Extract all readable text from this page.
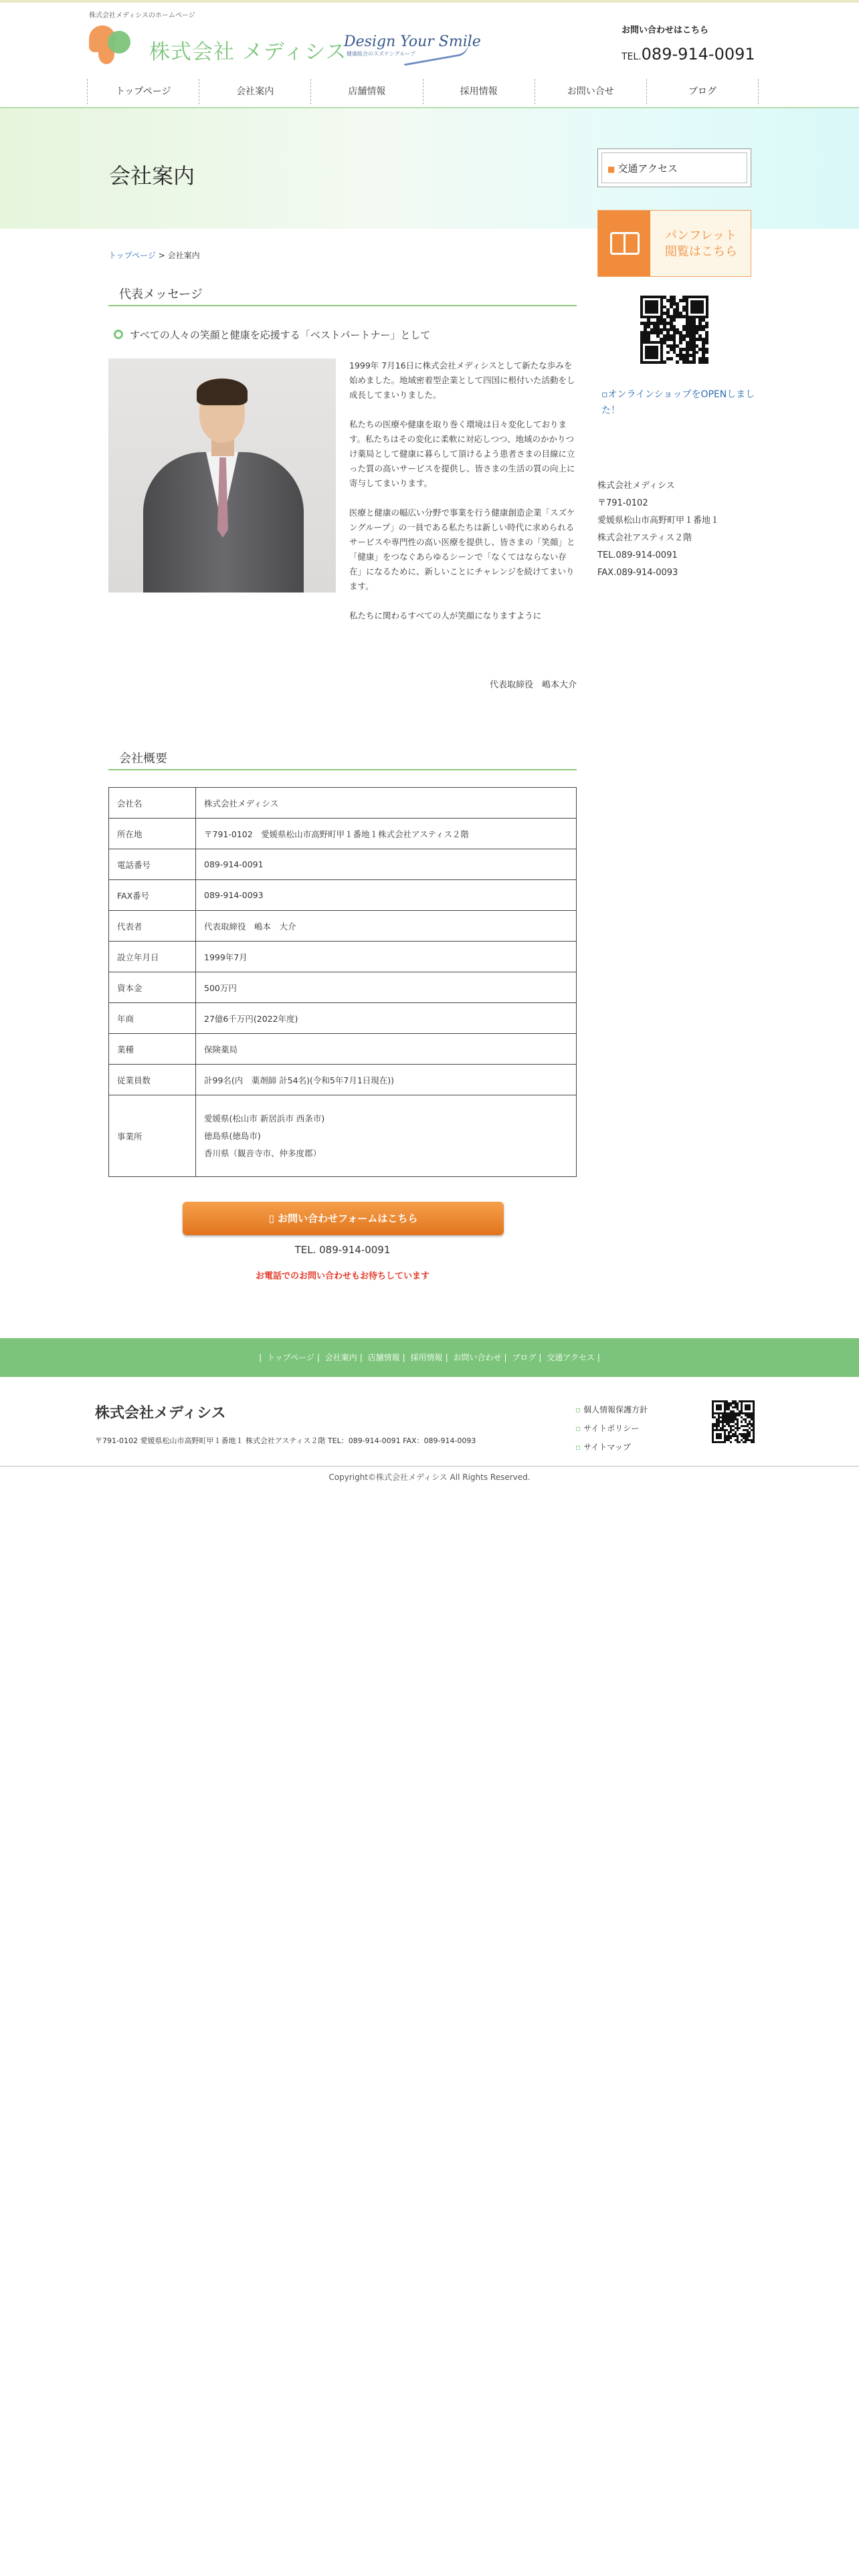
株式会社メディシスのホームページ
株式会社 メディシス
Design Your Smile
健康総合のスズケングループ
お問い合わせはこちら
TEL.089-914-0091
トップページ	会社案内	店舗情報	採用情報	お問い合せ	ブログ
会社案内	■ 交通アクセス
パンフレット
閲覧はこちら
▫オンラインショップをOPENしました！
株式会社メディシス
〒791-0102
愛媛県松山市高野町甲１番地１
株式会社アスティス２階
TEL.089-914-0091
FAX.089-914-0093
トップページ > 会社案内
代表メッセージ
すべての人々の笑顔と健康を応援する「ベストパートナー」として

1999年 7月16日に株式会社メディシスとして新たな歩みを始めました。地域密着型企業として四国に根付いた活動をし成長してまいりました。

私たちの医療や健康を取り巻く環境は日々変化しております。私たちはその変化に柔軟に対応しつつ、地域のかかりつけ薬局として健康に暮らして頂けるよう患者さまの目線に立った質の高いサービスを提供し、皆さまの生活の質の向上に寄与してまいります。

医療と健康の幅広い分野で事業を行う健康創造企業「スズケングループ」の一員である私たちは新しい時代に求められるサービスや専門性の高い医療を提供し、皆さまの「笑顔」と「健康」をつなぐあらゆるシーンで「なくてはならない存在」になるために、新しいことにチャレンジを続けてまいります。

私たちに関わるすべての人が笑顔になりますように

代表取締役　嶋本大介
会社概要
会社名	株式会社メディシス
所在地	〒791-0102　愛媛県松山市高野町甲１番地１株式会社アスティス２階
電話番号	089-914-0091
FAX番号	089-914-0093
代表者	代表取締役　嶋本　大介
設立年月日	1999年7月
資本金	500万円
年商	27億6千万円(2022年度)
業種	保険薬局
従業員数	計99名(内　薬剤師 計54名)(令和5年7月1日現在))
事業所	愛媛県(松山市 新居浜市 西条市)
徳島県(徳島市)
香川県（観音寺市、仲多度郡）
▯ お問い合わせフォームはこちら
TEL. 089-914-0091
お電話でのお問い合わせもお待ちしています
| トップページ | 会社案内 | 店舗情報 | 採用情報 | お問い合わせ | ブログ | 交通アクセス |
株式会社メディシス
〒791-0102 愛媛県松山市高野町甲１番地１ 株式会社アスティス２階 TEL：089-914-0091 FAX：089-914-0093
▫ 個人情報保護方針
▫ サイトポリシー
▫ サイトマップ
Copyright©株式会社メディシス All Rights Reserved.
